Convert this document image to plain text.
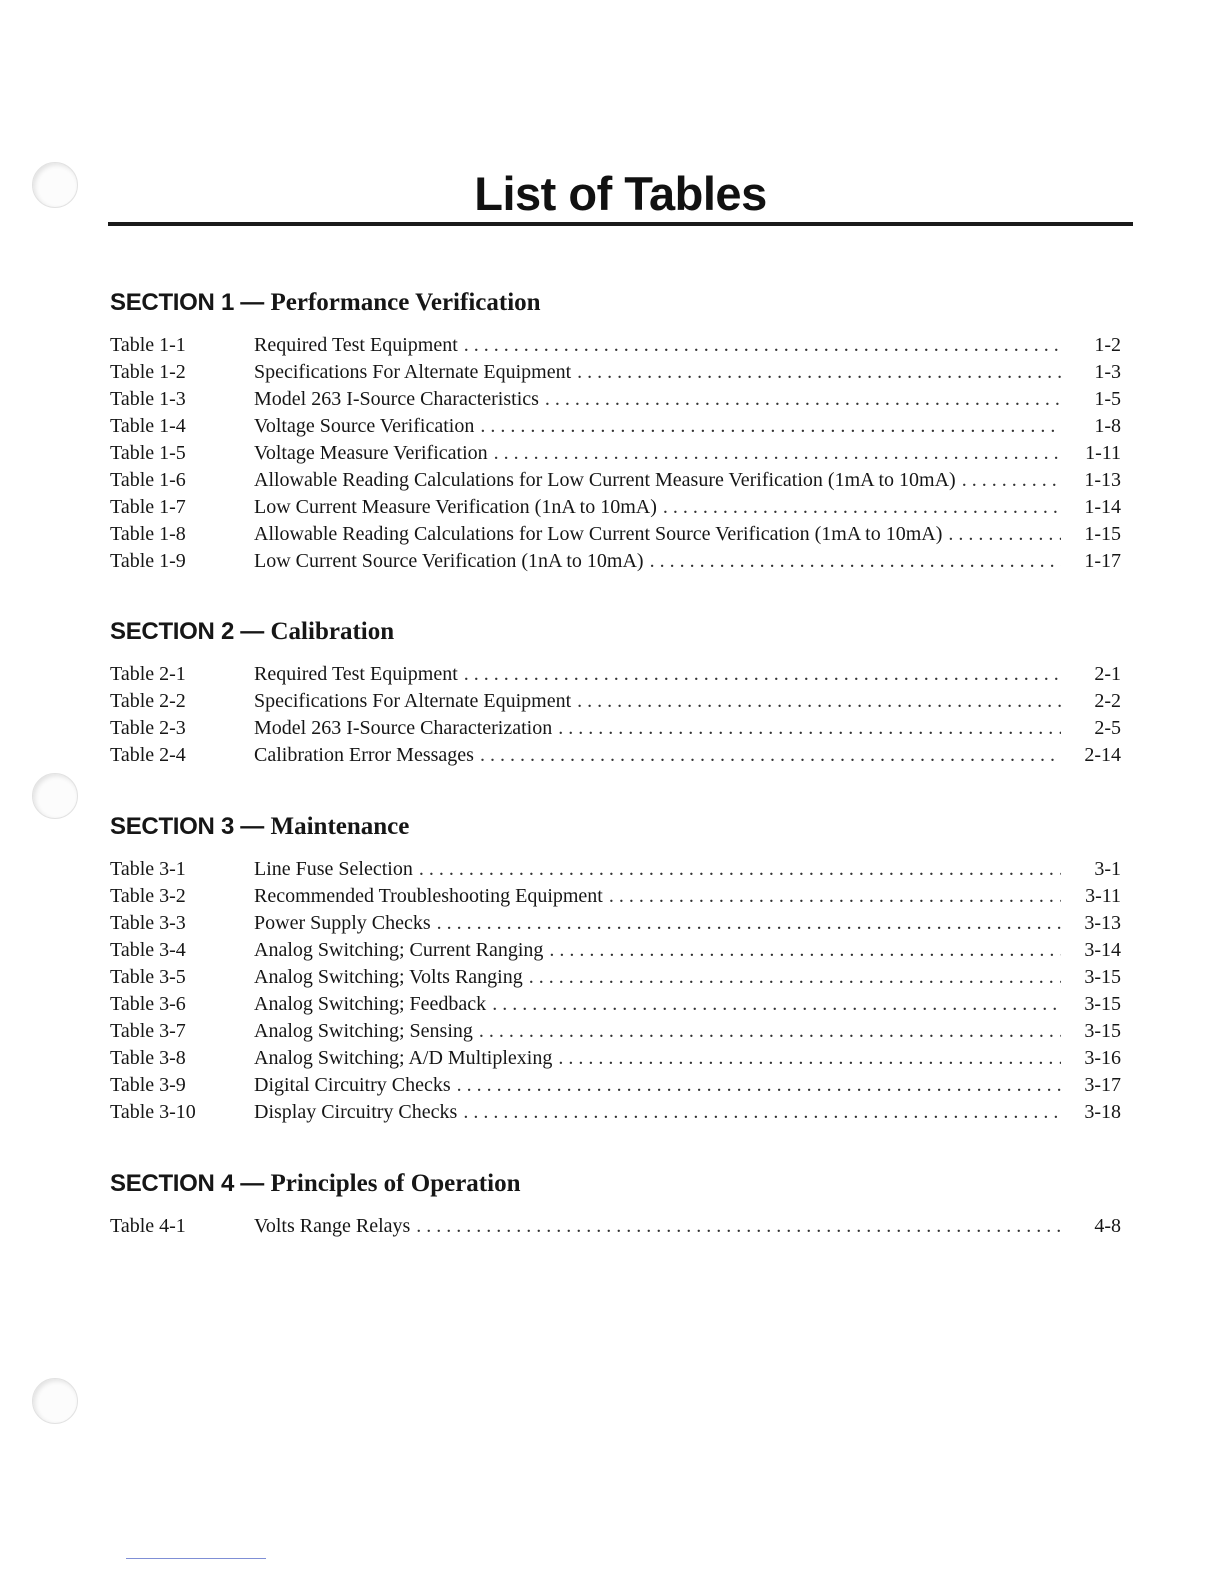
List of Tables
SECTION 1 — Performance Verification
Table 1-1	Required Test Equipment . . .	1-2
Table 1-2	Specifications For Alternate Equipment . . .	1-3
Table 1-3	Model 263 I-Source Characteristics . . .	1-5
Table 1-4	Voltage Source Verification . . .	1-8
Table 1-5	Voltage Measure Verification . . .	1-11
Table 1-6	Allowable Reading Calculations for Low Current Measure Verification (1mA to 10mA) . . .	1-13
Table 1-7	Low Current Measure Verification (1nA to 10mA) . . .	1-14
Table 1-8	Allowable Reading Calculations for Low Current Source Verification (1mA to 10mA) . . .	1-15
Table 1-9	Low Current Source Verification (1nA to 10mA) . . .	1-17
SECTION 2 — Calibration
Table 2-1	Required Test Equipment . . .	2-1
Table 2-2	Specifications For Alternate Equipment . . .	2-2
Table 2-3	Model 263 I-Source Characterization . . .	2-5
Table 2-4	Calibration Error Messages . . .	2-14
SECTION 3 — Maintenance
Table 3-1	Line Fuse Selection . . .	3-1
Table 3-2	Recommended Troubleshooting Equipment . . .	3-11
Table 3-3	Power Supply Checks . . .	3-13
Table 3-4	Analog Switching; Current Ranging . . .	3-14
Table 3-5	Analog Switching; Volts Ranging . . .	3-15
Table 3-6	Analog Switching; Feedback . . .	3-15
Table 3-7	Analog Switching; Sensing . . .	3-15
Table 3-8	Analog Switching; A/D Multiplexing . . .	3-16
Table 3-9	Digital Circuitry Checks . . .	3-17
Table 3-10	Display Circuitry Checks . . .	3-18
SECTION 4 — Principles of Operation
Table 4-1	Volts Range Relays . . .	4-8
